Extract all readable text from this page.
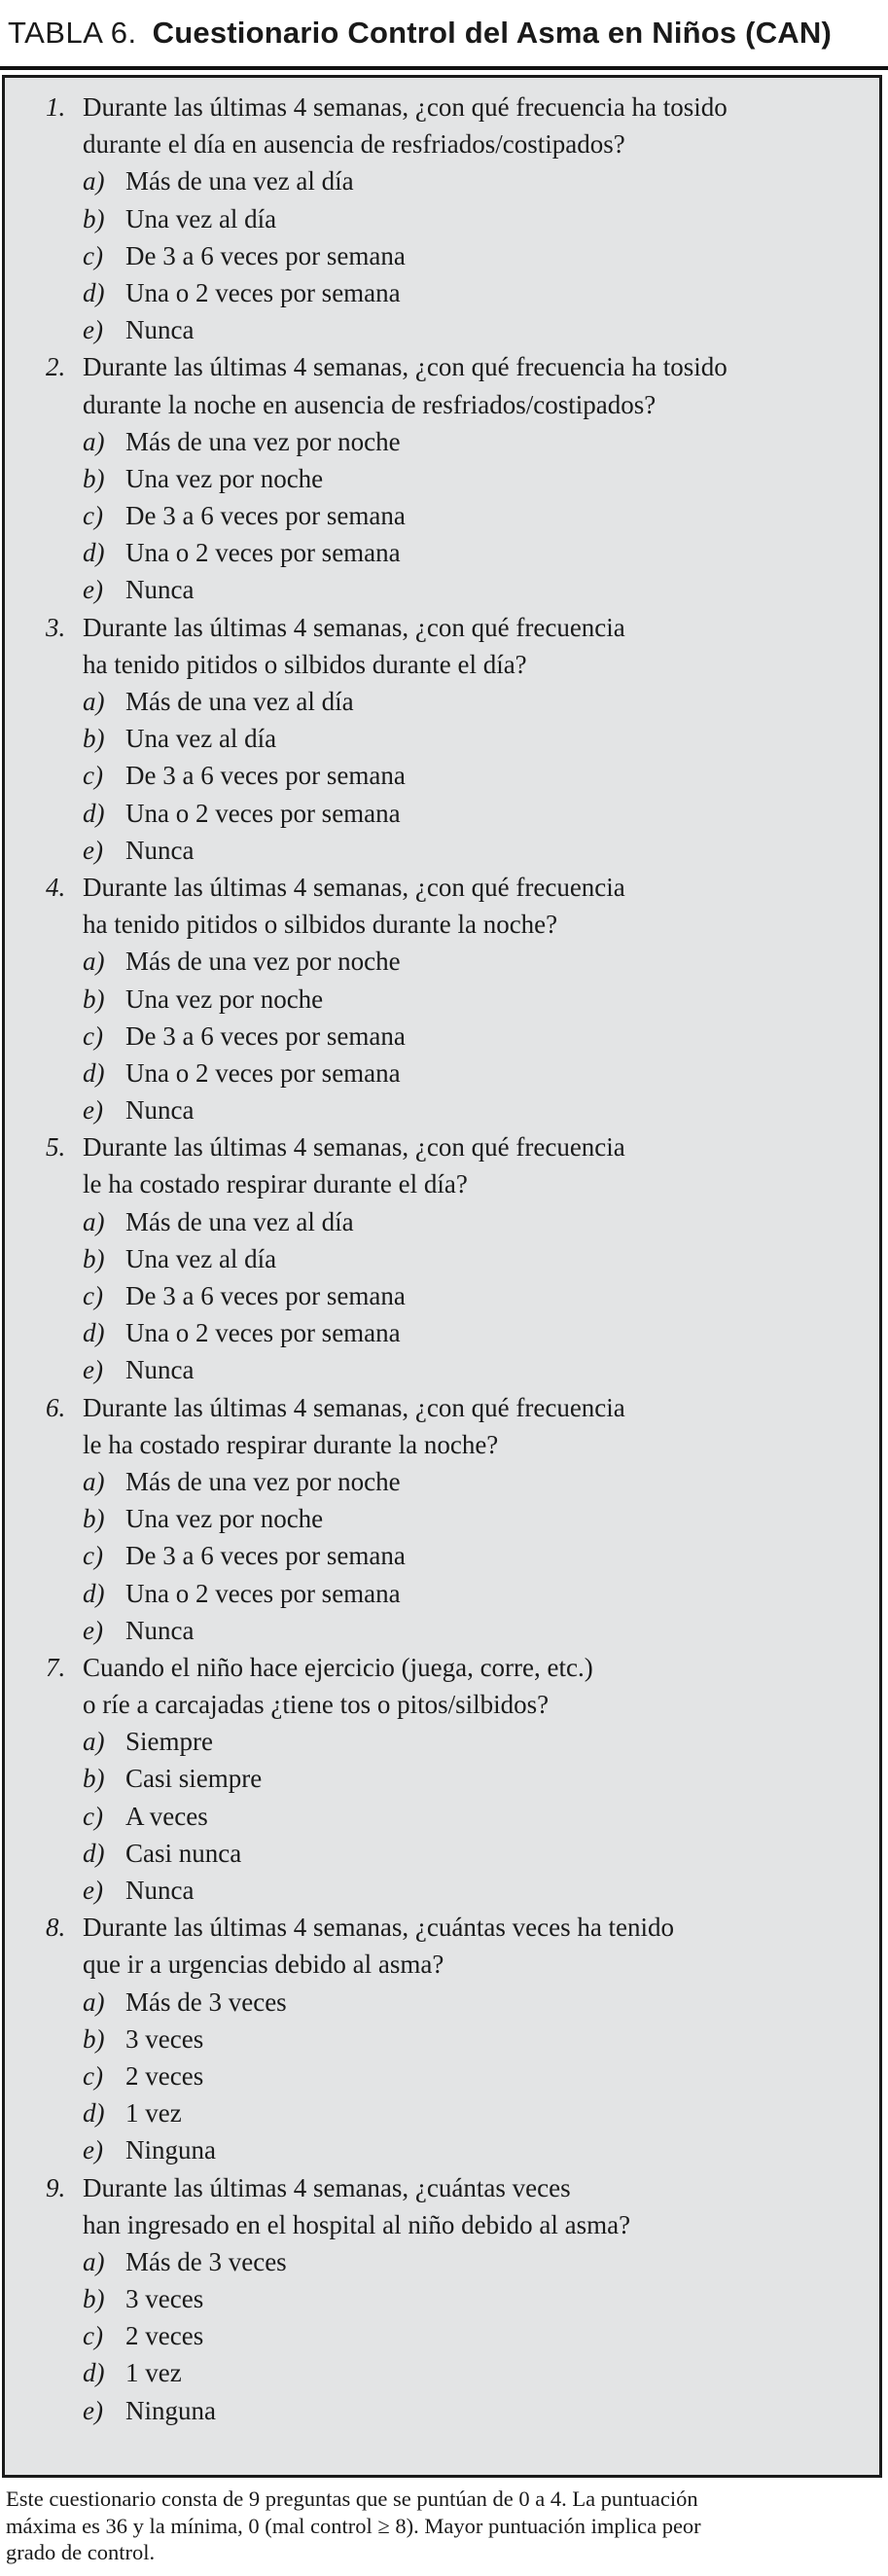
TABLA 6. Cuestionario Control del Asma en Niños (CAN)
1. Durante las últimas 4 semanas, ¿con qué frecuencia ha tosido
durante el día en ausencia de resfriados/costipados?
a) Más de una vez al día
b) Una vez al día
c) De 3 a 6 veces por semana
d) Una o 2 veces por semana
e) Nunca
2. Durante las últimas 4 semanas, ¿con qué frecuencia ha tosido
durante la noche en ausencia de resfriados/costipados?
a) Más de una vez por noche
b) Una vez por noche
c) De 3 a 6 veces por semana
d) Una o 2 veces por semana
e) Nunca
3. Durante las últimas 4 semanas, ¿con qué frecuencia
ha tenido pitidos o silbidos durante el día?
a) Más de una vez al día
b) Una vez al día
c) De 3 a 6 veces por semana
d) Una o 2 veces por semana
e) Nunca
4. Durante las últimas 4 semanas, ¿con qué frecuencia
ha tenido pitidos o silbidos durante la noche?
a) Más de una vez por noche
b) Una vez por noche
c) De 3 a 6 veces por semana
d) Una o 2 veces por semana
e) Nunca
5. Durante las últimas 4 semanas, ¿con qué frecuencia
le ha costado respirar durante el día?
a) Más de una vez al día
b) Una vez al día
c) De 3 a 6 veces por semana
d) Una o 2 veces por semana
e) Nunca
6. Durante las últimas 4 semanas, ¿con qué frecuencia
le ha costado respirar durante la noche?
a) Más de una vez por noche
b) Una vez por noche
c) De 3 a 6 veces por semana
d) Una o 2 veces por semana
e) Nunca
7. Cuando el niño hace ejercicio (juega, corre, etc.)
o ríe a carcajadas ¿tiene tos o pitos/silbidos?
a) Siempre
b) Casi siempre
c) A veces
d) Casi nunca
e) Nunca
8. Durante las últimas 4 semanas, ¿cuántas veces ha tenido
que ir a urgencias debido al asma?
a) Más de 3 veces
b) 3 veces
c) 2 veces
d) 1 vez
e) Ninguna
9. Durante las últimas 4 semanas, ¿cuántas veces
han ingresado en el hospital al niño debido al asma?
a) Más de 3 veces
b) 3 veces
c) 2 veces
d) 1 vez
e) Ninguna
Este cuestionario consta de 9 preguntas que se puntúan de 0 a 4. La puntuación
máxima es 36 y la mínima, 0 (mal control ≥ 8). Mayor puntuación implica peor
grado de control.
